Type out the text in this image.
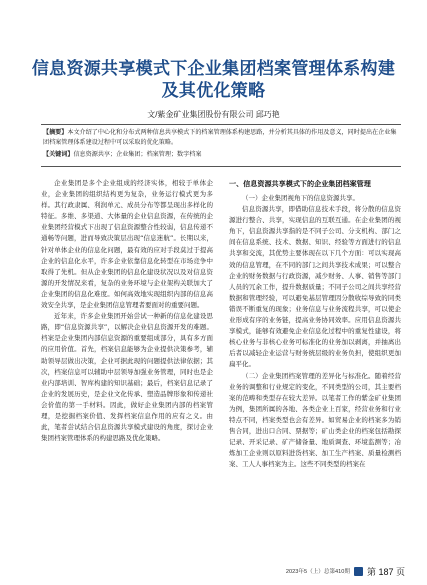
信息资源共享模式下企业集团档案管理体系构建
及其优化策略
文/紫金矿业集团股份有限公司 邱巧艳
【摘要】本文介绍了中心化和分布式两种信息共享模式下的档案管理体系构建思路，并分析其具体的作用及意义，同时提出在企业集团档案管理体系建设过程中可以采取的优化策略。
【关键词】信息资源共享；企业集团；档案管理；数字档案

企业集团是多个企业组成的经济实体，相较于单体企业，企业集团的组织结构更为复杂，业务运行模式更为多样。其行政隶属、利润单元、成员分布等都呈现出多样化的特征。多维、多渠道、大体量的企业信息资源，在传统的企业集团经营模式下出现了信息资源整合性较弱，信息传递不通畅等问题，进而导致决策层出现“信息迷航”。长期以来，针对单体企业的信息化问题，最有效的应对手段莫过于提高企业的信息化水平，许多企业依靠信息化转型在市场竞争中取得了先机。但从企业集团的信息化建设状况以及对信息资源的开发情况来看，复杂的业务环境与企业架构关联加大了企业集团的信息化难度。如何高效地实现组织内部的信息高效安全共享，是企业集团信息管理者要面对的重要问题。

近年来，许多企业集团开始尝试一种新的信息化建设思路，即“信息资源共享”，以解决企业信息资源开发的难题。档案是企业集团内部信息资源的重要组成部分，具有多方面的应用价值。首先，档案信息能够为企业提供决策参考，辅助领导层做出决策，企业可据此现的问题提供法律依据；其次，档案信息可以辅助中层领导加强业务管理，同时也是企业内部培训、智库构建的知识基础；最后，档案信息记录了企业的发展历史，是企业文化传承、塑造品牌形象和传递社会价值的第一手材料。因此，做好企业集团内部的档案管理，是挖掘档案价值、发挥档案信息作用的应有之义。由此，笔者尝试结合信息资源共享模式建设的角度，探讨企业集团档案管理体系的构建思路及优化策略。

一、信息资源共享模式下的企业集团档案管理

（一）企业集团视角下的信息资源共享。

信息资源共享，即借助信息技术手段，将分散的信息资源进行整合、共享，实现信息的互联互通。在企业集团的视角下，信息资源共享指的是不同子公司、分支机构、部门之间在信息系统、技术、数据、知识、经验等方面进行的信息共享和交流，其优势主要体现在以下几个方面：可以实现高效的信息管理，在不同的部门之间共享技术成果；可以整合企业的财务数据与行政资源，减少财务、人事、销售等部门人员的冗余工作，提升数据质量；不同子公司之间共享经营数据和管理经验，可以避免基层管理因分散收综导致的同类错误不断重复的现象；业务信息与业务流程共享，可以使企业形成有序的业务链，提高业务协同效率。应用信息资源共享模式，能够有效避免企业信息化过程中的重复性建设，将核心业务与非核心业务可标准化的业务加以剥离，并抽离出后者以减轻企业运营与财务统层级的业务负担，使组织更加扁平化。

（二）企业集团档案管理的差异化与标准化。随着经营业务的调整和行业规定的变化，不同类型的公司，其主要档案的范畴和类型存在较大差异。以笔者工作的紫金矿业集团为例，集团所属的各地、各类企业上百家，经营业务和行业特点不同，档案类型也会有差异。如贸易企业的档案多为销售合同，进出口合同、票据等；矿山类企业的档案包括勘探记录、开采记录、矿产储备量、地质调查、环境监测等；冶炼加工企业则以原料进货档案、加工生产档案、质量检测档案、工人人事档案为主。这些不同类型的档案在

2023年5（上）总第410期 第 187 页
